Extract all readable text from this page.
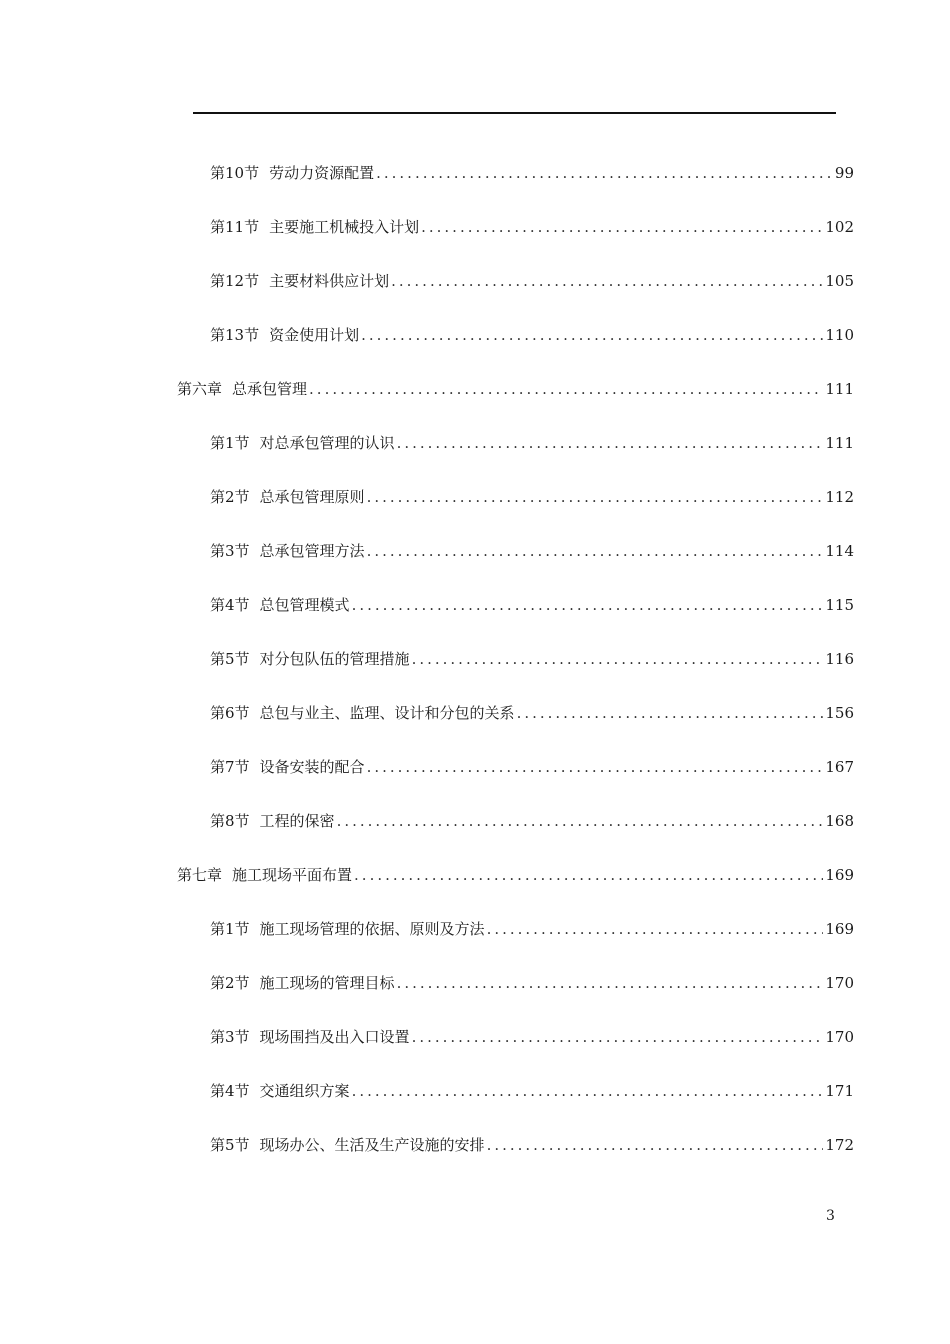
第10节 劳动力资源配置 .....	99
第11节 主要施工机械投入计划 .....	102
第12节 主要材料供应计划 .....	105
第13节 资金使用计划 .....	110
第六章 总承包管理 .....	111
第1节 对总承包管理的认识 .....	111
第2节 总承包管理原则 .....	112
第3节 总承包管理方法 .....	114
第4节 总包管理模式 .....	115
第5节 对分包队伍的管理措施 .....	116
第6节 总包与业主、监理、设计和分包的关系 .....	156
第7节 设备安装的配合 .....	167
第8节 工程的保密 .....	168
第七章 施工现场平面布置 .....	169
第1节 施工现场管理的依据、原则及方法 .....	169
第2节 施工现场的管理目标 .....	170
第3节 现场围挡及出入口设置 .....	170
第4节 交通组织方案 .....	171
第5节 现场办公、生活及生产设施的安排 .....	172
3
